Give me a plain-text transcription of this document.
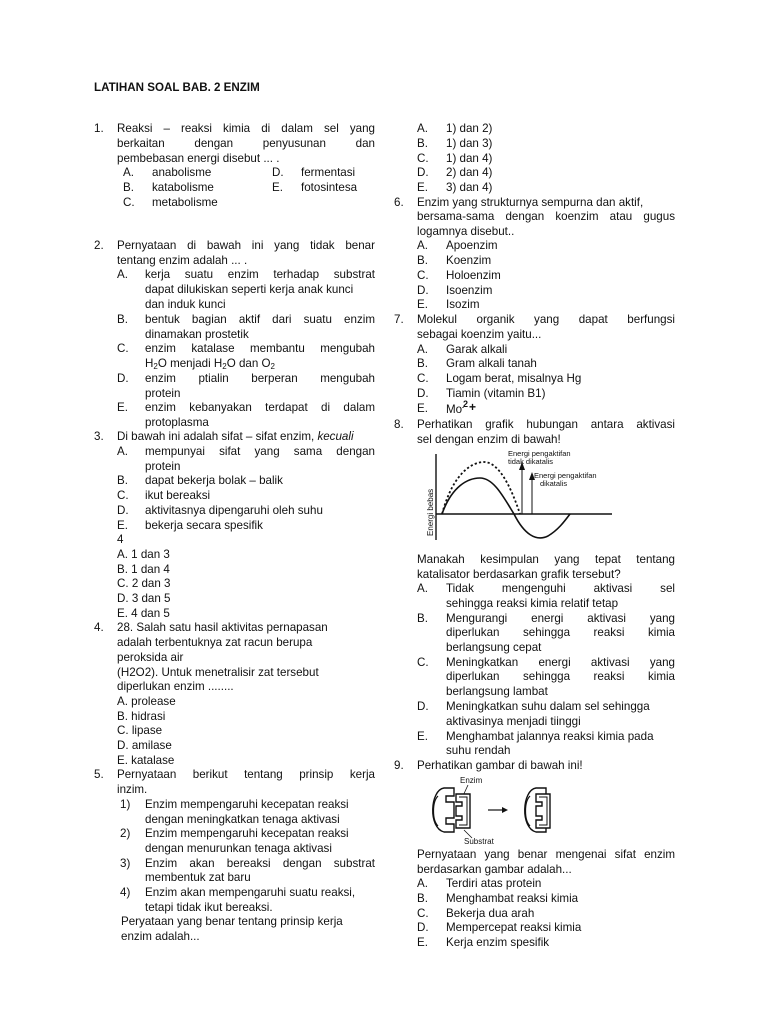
LATIHAN SOAL BAB. 2 ENZIM
1. Reaksi – reaksi kimia di dalam sel yang
berkaitan dengan penyusunan dan
pembebasan energi disebut ... .
A. anabolisme
B. katabolisme
C. metabolisme
D. fermentasi
E. fotosintesa
2. Pernyataan di bawah ini yang tidak benar
tentang enzim adalah ... .
A. kerja suatu enzim terhadap substrat
dapat dilukiskan seperti kerja anak kunci
dan induk kunci
B. bentuk bagian aktif dari suatu enzim
dinamakan prostetik
C. enzim katalase membantu mengubah
$H_2O$ menjadi $H_2O$ dan $O_2$
D. enzim ptialin berperan mengubah
protein
E. enzim kebanyakan terdapat di dalam
protoplasma
3. Di bawah ini adalah sifat – sifat enzim, kecuali
A. mempunyai sifat yang sama dengan
protein
B. dapat bekerja bolak – balik
C. ikut bereaksi
D. aktivitasnya dipengaruhi oleh suhu
E. bekerja secara spesifik
4
A. 1 dan 3
B. 1 dan 4
C. 2 dan 3
D. 3 dan 5
E. 4 dan 5
4. 28. Salah satu hasil aktivitas pernapasan
adalah terbentuknya zat racun berupa
peroksida air
(H2O2). Untuk menetralisir zat tersebut
diperlukan enzim ........
A. prolease
B. hidrasi
C. lipase
D. amilase
E. katalase
5. Pernyataan berikut tentang prinsip kerja
inzim.
1) Enzim mempengaruhi kecepatan reaksi
dengan meningkatkan tenaga aktivasi
2) Enzim mempengaruhi kecepatan reaksi
dengan menurunkan tenaga aktivasi
3) Enzim akan bereaksi dengan substrat
membentuk zat baru
4) Enzim akan mempengaruhi suatu reaksi,
tetapi tidak ikut bereaksi.
Peryataan yang benar tentang prinsip kerja
enzim adalah...
A. 1) dan 2)
B. 1) dan 3)
C. 1) dan 4)
D. 2) dan 4)
E. 3) dan 4)
6. Enzim yang strukturnya sempurna dan aktif,
bersama-sama dengan koenzim atau gugus
logamnya disebut..
A. Apoenzim
B. Koenzim
C. Holoenzim
D. Isoenzim
E. Isozim
7. Molekul organik yang dapat berfungsi
sebagai koenzim yaitu...
A. Garak alkali
B. Gram alkali tanah
C. Logam berat, misalnya Hg
D. Tiamin (vitamin B1)
E. Mo 2 +
8. Perhatikan grafik hubungan antara aktivasi
sel dengan enzim di bawah!
Energi bebas
Energi pengaktifan
tidak dikatalis
Energi pengaktifan
dikatalis
Manakah kesimpulan yang tepat tentang
katalisator berdasarkan grafik tersebut?
A. Tidak mengenguhi aktivasi sel
sehingga reaksi kimia relatif tetap
B. Mengurangi energi aktivasi yang
diperlukan sehingga reaksi kimia
berlangsung cepat
C. Meningkatkan energi aktivasi yang
diperlukan sehingga reaksi kimia
berlangsung lambat
D. Meningkatkan suhu dalam sel sehingga
aktivasinya menjadi tiinggi
E. Menghambat jalannya reaksi kimia pada
suhu rendah
9. Perhatikan gambar di bawah ini!
Enzim
Substrat
Pernyataan yang benar mengenai sifat enzim
berdasarkan gambar adalah...
A. Terdiri atas protein
B. Menghambat reaksi kimia
C. Bekerja dua arah
D. Mempercepat reaksi kimia
E. Kerja enzim spesifik
